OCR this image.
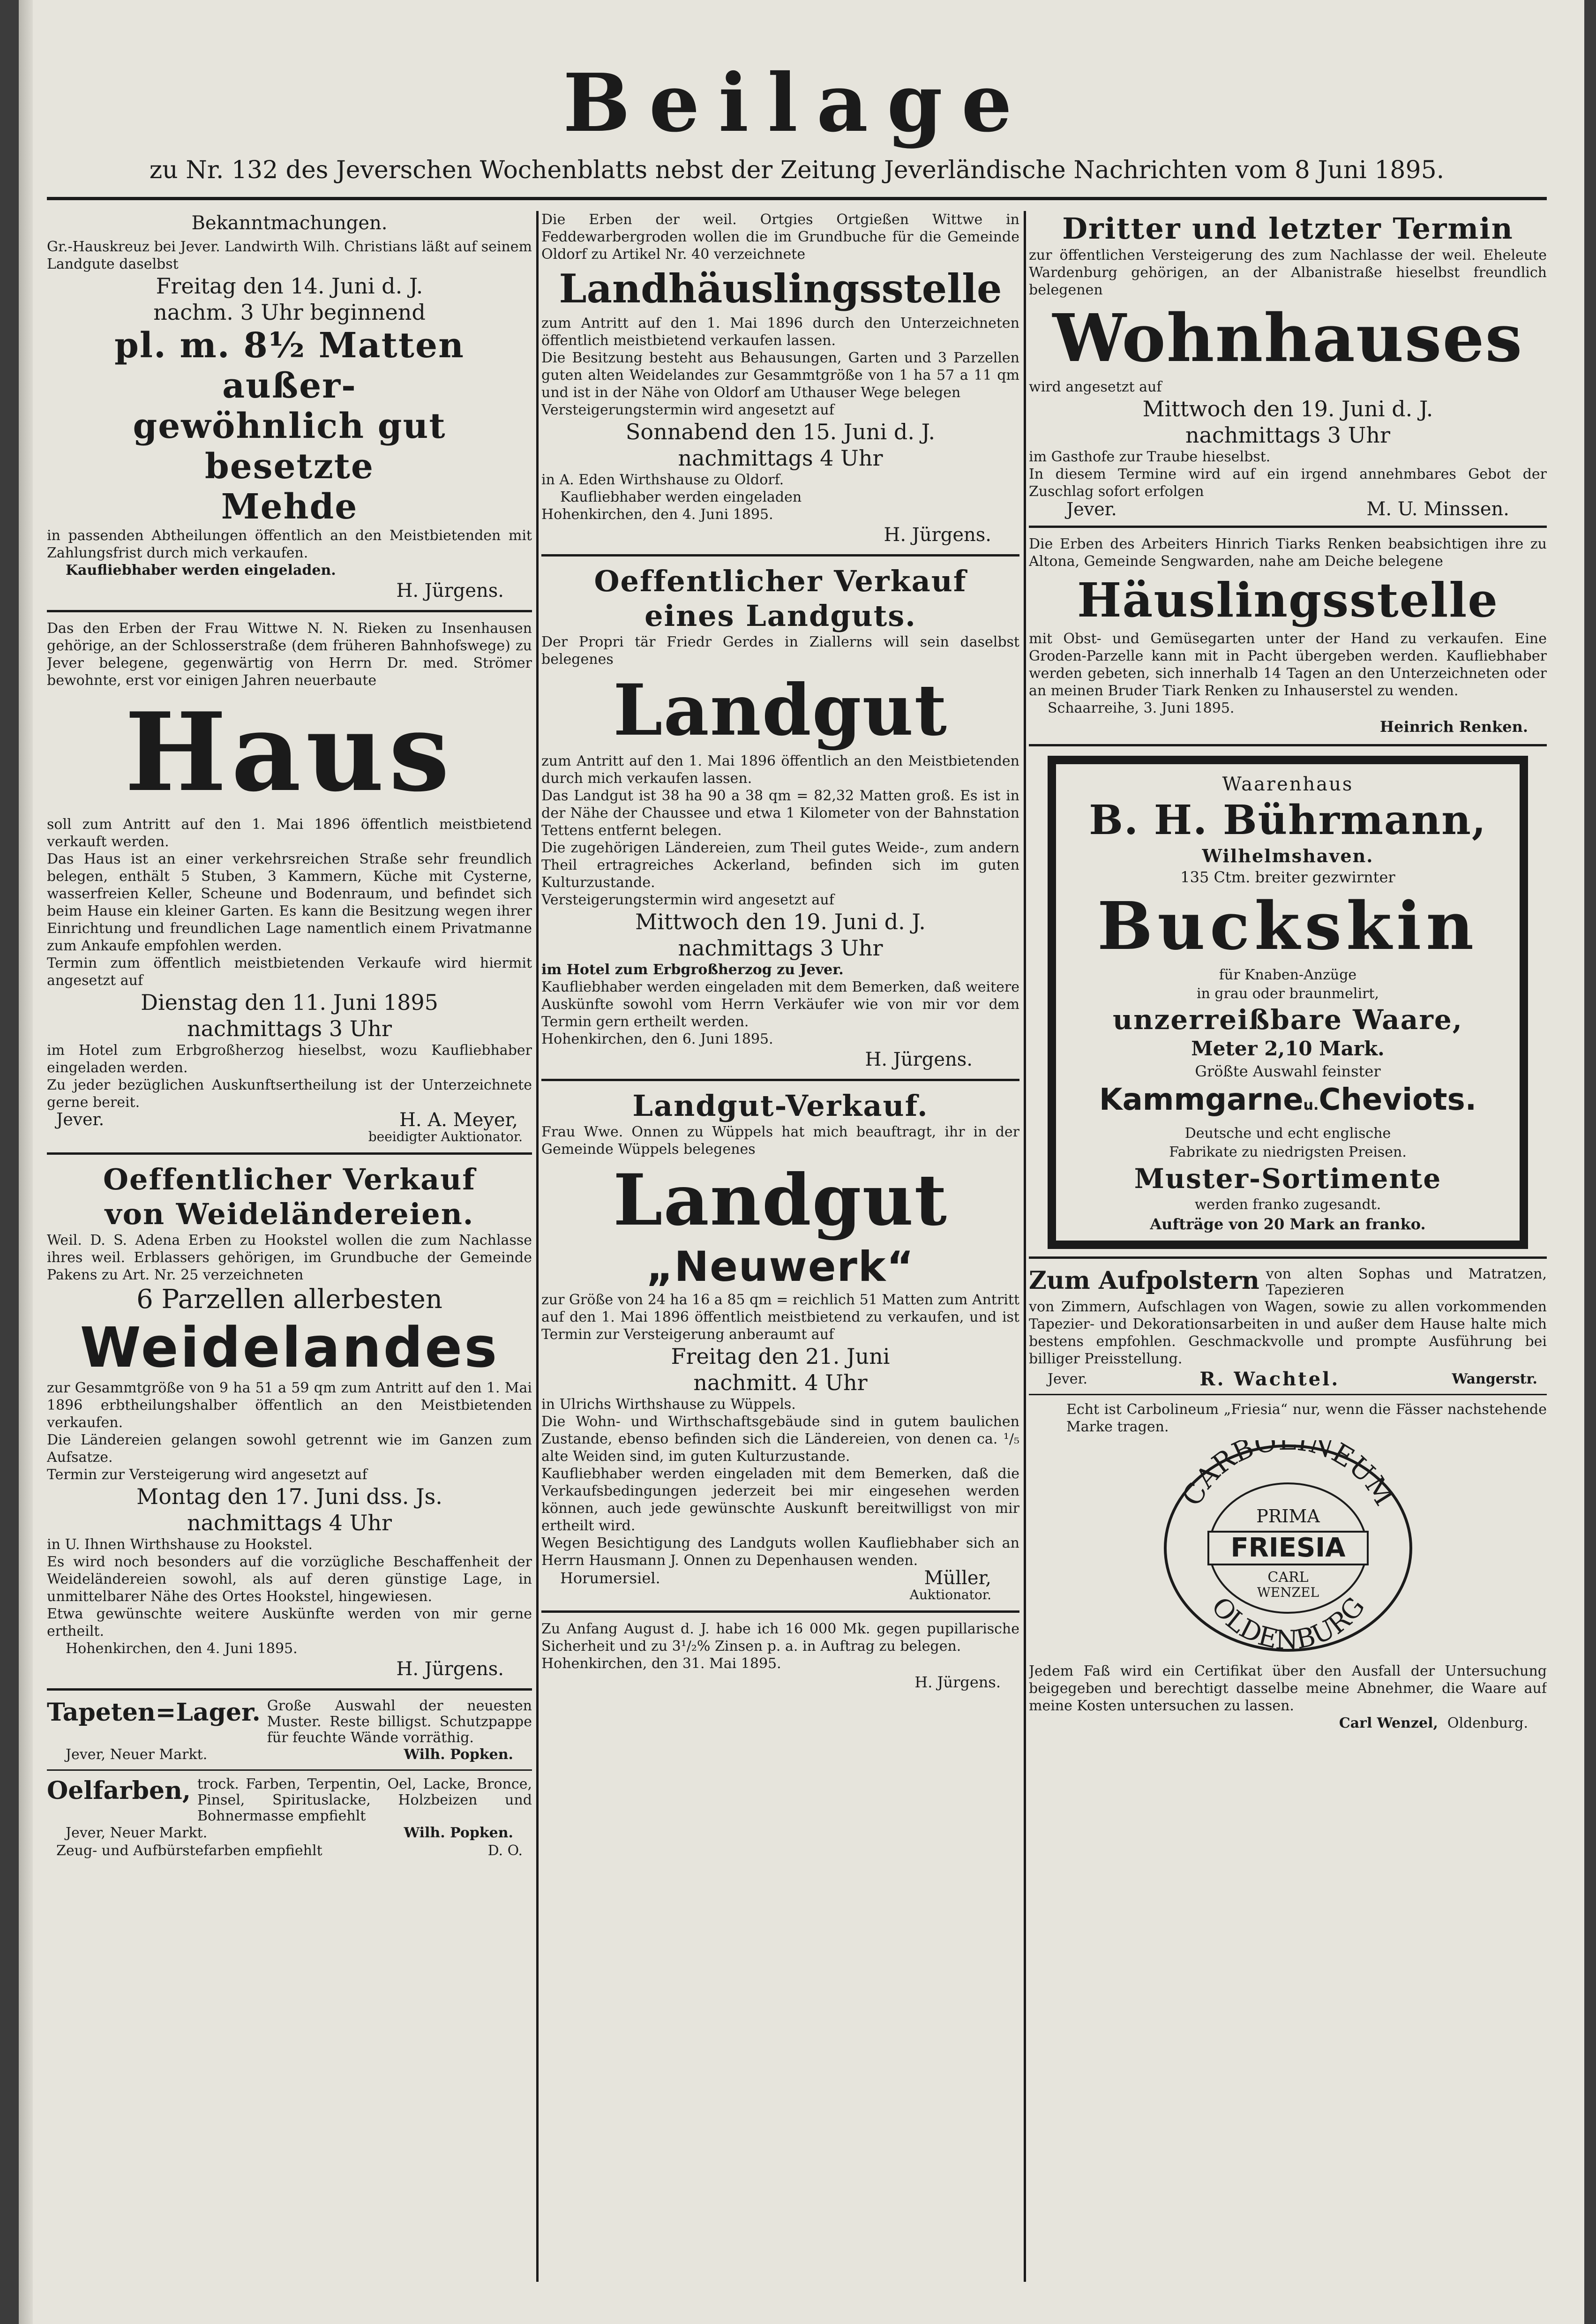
Beilage
zu Nr. 132 des Jeverschen Wochenblatts nebst der Zeitung Jeverländische Nachrichten vom 8 Juni 1895.

Bekanntmachungen.

Gr.-Hauskreuz bei Jever. Landwirth Wilh. Christians läßt auf seinem Landgute daselbst

Freitag den 14. Juni d. J.

nachm. 3 Uhr beginnend

pl. m. 8½ Matten außer-

gewöhnlich gut besetzte

Mehde

in passenden Abtheilungen öffentlich an den Meistbietenden mit Zahlungsfrist durch mich verkaufen.

Kaufliebhaber werden eingeladen.

H. Jürgens.

Das den Erben der Frau Wittwe N. N. Rieken zu Insenhausen gehörige, an der Schlosserstraße (dem früheren Bahnhofswege) zu Jever belegene, gegenwärtig von Herrn Dr. med. Strömer bewohnte, erst vor einigen Jahren neuerbaute

Haus

soll zum Antritt auf den 1. Mai 1896 öffentlich meistbietend verkauft werden.

Das Haus ist an einer verkehrsreichen Straße sehr freundlich belegen, enthält 5 Stuben, 3 Kammern, Küche mit Cysterne, wasserfreien Keller, Scheune und Bodenraum, und befindet sich beim Hause ein kleiner Garten. Es kann die Besitzung wegen ihrer Einrichtung und freundlichen Lage namentlich einem Privatmanne zum Ankaufe empfohlen werden.

Termin zum öffentlich meistbietenden Verkaufe wird hiermit angesetzt auf

Dienstag den 11. Juni 1895

nachmittags 3 Uhr

im Hotel zum Erbgroßherzog hieselbst, wozu Kaufliebhaber eingeladen werden.

Zu jeder bezüglichen Auskunftsertheilung ist der Unterzeichnete gerne bereit.

Jever.	H. A. Meyer,

beeidigter Auktionator.

Oeffentlicher Verkauf

von Weideländereien.

Weil. D. S. Adena Erben zu Hookstel wollen die zum Nachlasse ihres weil. Erblassers gehörigen, im Grundbuche der Gemeinde Pakens zu Art. Nr. 25 verzeichneten

6 Parzellen allerbesten

Weidelandes

zur Gesammtgröße von 9 ha 51 a 59 qm zum Antritt auf den 1. Mai 1896 erbtheilungshalber öffentlich an den Meistbietenden verkaufen.

Die Ländereien gelangen sowohl getrennt wie im Ganzen zum Aufsatze.

Termin zur Versteigerung wird angesetzt auf

Montag den 17. Juni dss. Js.

nachmittags 4 Uhr

in U. Ihnen Wirthshause zu Hookstel.

Es wird noch besonders auf die vorzügliche Beschaffenheit der Weideländereien sowohl, als auf deren günstige Lage, in unmittelbarer Nähe des Ortes Hookstel, hingewiesen.

Etwa gewünschte weitere Auskünfte werden von mir gerne ertheilt.

Hohenkirchen, den 4. Juni 1895.

H. Jürgens.

Tapeten=Lager. Große Auswahl der neuesten Muster. Reste billigst. Schutzpappe für feuchte Wände vorräthig.
Jever, Neuer Markt.	Wilh. Popken.
Oelfarben, trock. Farben, Terpentin, Oel, Lacke, Bronce, Pinsel, Spirituslacke, Holzbeizen und Bohnermasse empfiehlt
Jever, Neuer Markt.	Wilh. Popken.
Zeug- und Aufbürstefarben empfiehlt	D. O.

Die Erben der weil. Ortgies Ortgießen Wittwe in Feddewarbergroden wollen die im Grundbuche für die Gemeinde Oldorf zu Artikel Nr. 40 verzeichnete

Landhäuslingsstelle

zum Antritt auf den 1. Mai 1896 durch den Unterzeichneten öffentlich meistbietend verkaufen lassen.

Die Besitzung besteht aus Behausungen, Garten und 3 Parzellen guten alten Weidelandes zur Gesammtgröße von 1 ha 57 a 11 qm und ist in der Nähe von Oldorf am Uthauser Wege belegen

Versteigerungstermin wird angesetzt auf

Sonnabend den 15. Juni d. J.

nachmittags 4 Uhr

in A. Eden Wirthshause zu Oldorf.

Kaufliebhaber werden eingeladen

Hohenkirchen, den 4. Juni 1895.

H. Jürgens.

Oeffentlicher Verkauf

eines Landguts.

Der Propri tär Friedr Gerdes in Ziallerns will sein daselbst belegenes

Landgut

zum Antritt auf den 1. Mai 1896 öffentlich an den Meistbietenden durch mich verkaufen lassen.

Das Landgut ist 38 ha 90 a 38 qm = 82,32 Matten groß. Es ist in der Nähe der Chaussee und etwa 1 Kilometer von der Bahnstation Tettens entfernt belegen.

Die zugehörigen Ländereien, zum Theil gutes Weide-, zum andern Theil ertragreiches Ackerland, befinden sich im guten Kulturzustande.

Versteigerungstermin wird angesetzt auf

Mittwoch den 19. Juni d. J.

nachmittags 3 Uhr

im Hotel zum Erbgroßherzog zu Jever.

Kaufliebhaber werden eingeladen mit dem Bemerken, daß weitere Auskünfte sowohl vom Herrn Verkäufer wie von mir vor dem Termin gern ertheilt werden.

Hohenkirchen, den 6. Juni 1895.

H. Jürgens.

Landgut-Verkauf.

Frau Wwe. Onnen zu Wüppels hat mich beauftragt, ihr in der Gemeinde Wüppels belegenes

Landgut

„Neuwerk“

zur Größe von 24 ha 16 a 85 qm = reichlich 51 Matten zum Antritt auf den 1. Mai 1896 öffentlich meistbietend zu verkaufen, und ist Termin zur Versteigerung anberaumt auf

Freitag den 21. Juni

nachmitt. 4 Uhr

in Ulrichs Wirthshause zu Wüppels.

Die Wohn- und Wirthschaftsgebäude sind in gutem baulichen Zustande, ebenso befinden sich die Ländereien, von denen ca. ¹/₅ alte Weiden sind, im guten Kulturzustande.

Kaufliebhaber werden eingeladen mit dem Bemerken, daß die Verkaufsbedingungen jederzeit bei mir eingesehen werden können, auch jede gewünschte Auskunft bereitwilligst von mir ertheilt wird.

Wegen Besichtigung des Landguts wollen Kaufliebhaber sich an Herrn Hausmann J. Onnen zu Depenhausen wenden.

Horumersiel.	Müller,

Auktionator.

Zu Anfang August d. J. habe ich 16 000 Mk. gegen pupillarische Sicherheit und zu 3¹/₂% Zinsen p. a. in Auftrag zu belegen.

Hohenkirchen, den 31. Mai 1895.

H. Jürgens.

Dritter und letzter Termin

zur öffentlichen Versteigerung des zum Nachlasse der weil. Eheleute Wardenburg gehörigen, an der Albanistraße hieselbst freundlich belegenen

Wohnhauses

wird angesetzt auf

Mittwoch den 19. Juni d. J.

nachmittags 3 Uhr

im Gasthofe zur Traube hieselbst.

In diesem Termine wird auf ein irgend annehmbares Gebot der Zuschlag sofort erfolgen

Jever.	M. U. Minssen.

Die Erben des Arbeiters Hinrich Tiarks Renken beabsichtigen ihre zu Altona, Gemeinde Sengwarden, nahe am Deiche belegene

Häuslingsstelle

mit Obst- und Gemüsegarten unter der Hand zu verkaufen. Eine Groden-Parzelle kann mit in Pacht übergeben werden. Kaufliebhaber werden gebeten, sich innerhalb 14 Tagen an den Unterzeichneten oder an meinen Bruder Tiark Renken zu Inhauserstel zu wenden.

Schaarreihe, 3. Juni 1895.

Heinrich Renken.

Waarenhaus

B. H. Bührmann,

Wilhelmshaven.

135 Ctm. breiter gezwirnter

Buckskin

für Knaben-Anzüge

in grau oder braunmelirt,

unzerreißbare Waare,

Meter 2,10 Mark.

Größte Auswahl feinster

Kammgarneu.Cheviots.

Deutsche und echt englische

Fabrikate zu niedrigsten Preisen.

Muster-Sortimente

werden franko zugesandt.

Aufträge von 20 Mark an franko.

Zum Aufpolstern von alten Sophas und Matratzen, Tapezieren

von Zimmern, Aufschlagen von Wagen, sowie zu allen vorkommenden Tapezier- und Dekorationsarbeiten in und außer dem Hause halte mich bestens empfohlen. Geschmackvolle und prompte Ausführung bei billiger Preisstellung.

Jever.	R. Wachtel.	Wangerstr.

Echt ist Carbolineum „Friesia“ nur, wenn die Fässer nachstehende Marke tragen.

CARBOLINEUM
OLDENBURG
PRIMA
FRIESIA
CARL
WENZEL

Jedem Faß wird ein Certifikat über den Ausfall der Untersuchung beigegeben und berechtigt dasselbe meine Abnehmer, die Waare auf meine Kosten untersuchen zu lassen.

Carl Wenzel, Oldenburg.
